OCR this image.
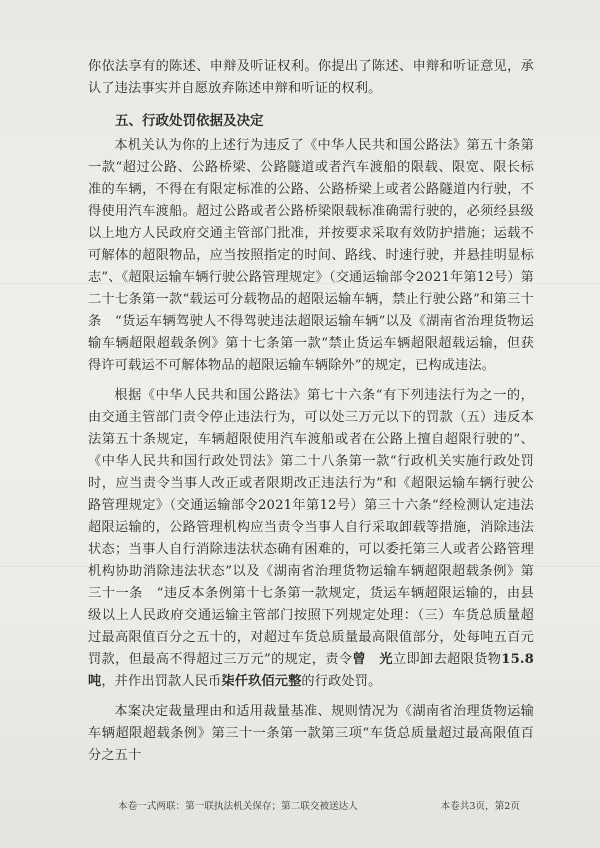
你依法享有的陈述、申辩及听证权利。你提出了陈述、申辩和听证意见，承认了违法事实并自愿放弃陈述申辩和听证的权利。

五、行政处罚依据及决定

本机关认为你的上述行为违反了《中华人民共和国公路法》第五十条第一款“超过公路、公路桥梁、公路隧道或者汽车渡船的限载、限宽、限长标准的车辆，不得在有限定标准的公路、公路桥梁上或者公路隧道内行驶，不得使用汽车渡船。超过公路或者公路桥梁限载标准确需行驶的，必须经县级以上地方人民政府交通主管部门批准，并按要求采取有效防护措施；运载不可解体的超限物品，应当按照指定的时间、路线、时速行驶，并悬挂明显标志”、《超限运输车辆行驶公路管理规定》（交通运输部令2021年第12号）第二十七条第一款“载运可分载物品的超限运输车辆，禁止行驶公路”和第三十条　“货运车辆驾驶人不得驾驶违法超限运输车辆”以及《湖南省治理货物运输车辆超限超载条例》第十七条第一款“禁止货运车辆超限超载运输，但获得许可载运不可解体物品的超限运输车辆除外”的规定，已构成违法。

根据《中华人民共和国公路法》第七十六条“有下列违法行为之一的，由交通主管部门责令停止违法行为，可以处三万元以下的罚款（五）违反本法第五十条规定，车辆超限使用汽车渡船或者在公路上擅自超限行驶的”、《中华人民共和国行政处罚法》第二十八条第一款“行政机关实施行政处罚时，应当责令当事人改正或者限期改正违法行为”和《超限运输车辆行驶公路管理规定》（交通运输部令2021年第12号）第三十六条“经检测认定违法超限运输的，公路管理机构应当责令当事人自行采取卸载等措施，消除违法状态；当事人自行消除违法状态确有困难的，可以委托第三人或者公路管理机构协助消除违法状态”以及《湖南省治理货物运输车辆超限超载条例》第三十一条　“违反本条例第十七条第一款规定，货运车辆超限运输的，由县级以上人民政府交通运输主管部门按照下列规定处理：（三）车货总质量超过最高限值百分之五十的，对超过车货总质量最高限值部分，处每吨五百元罚款，但最高不得超过三万元”的规定，责令曾　光立即卸去超限货物15.8吨，并作出罚款人民币柒仟玖佰元整的行政处罚。

本案决定裁量理由和适用裁量基准、规则情况为《湖南省治理货物运输车辆超限超载条例》第三十一条第一款第三项“车货总质量超过最高限值百分之五十

本卷一式两联：第一联执法机关保存；第二联交被送达人	本卷共3页，第2页
